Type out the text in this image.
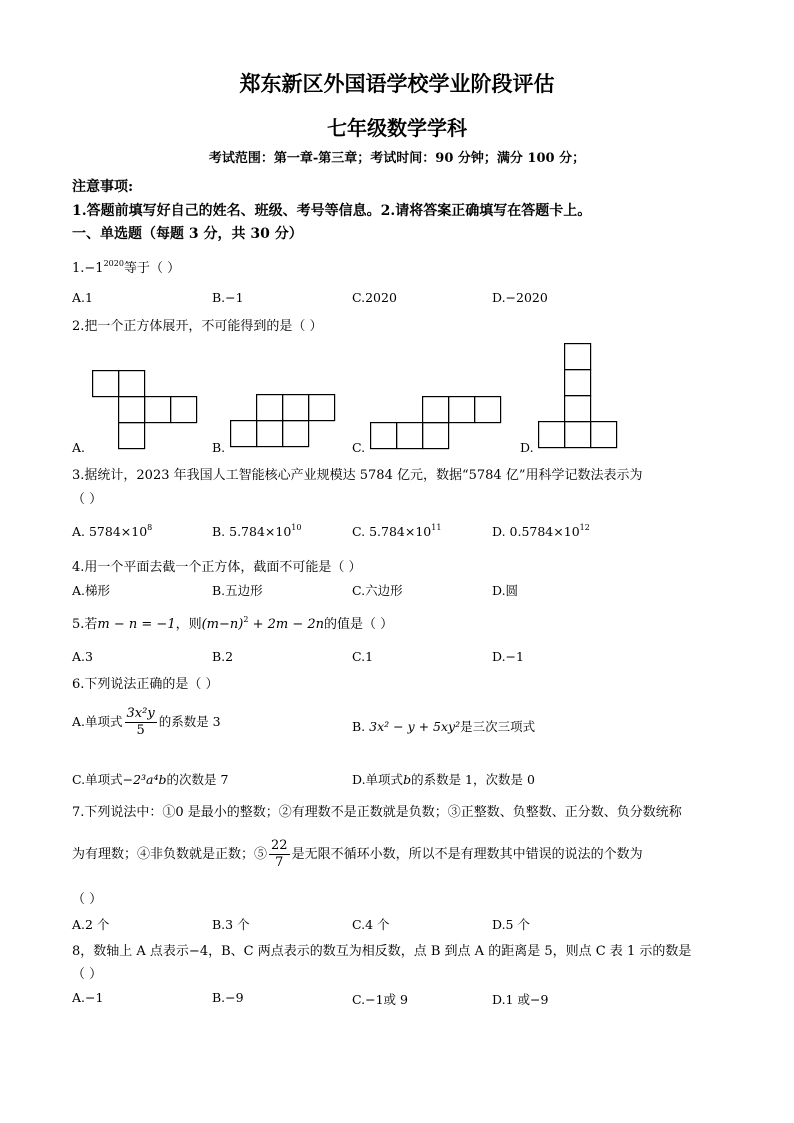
郑东新区外国语学校学业阶段评估
七年级数学学科
考试范围：第一章-第三章；考试时间：90 分钟；满分 100 分；
注意事项:
1.答题前填写好自己的姓名、班级、考号等信息。2.请将答案正确填写在答题卡上。
一、单选题（每题 3 分，共 30 分）
$1.-1^{2020}$等于（ ）
A.1	B.−1	C.2020	D.−2020
2.把一个正方体展开，不可能得到的是（ ）
A.	B.	C.	D.
3.据统计，2023 年我国人工智能核心产业规模达 5784 亿元，数据“5784 亿”用科学记数法表示为
（ ）
A. $5784\times 10^8$	B. $5.784\times 10^{10}$	C. $5.784\times 10^{11}$	D. $0.5784\times 10^{12}$
4.用一个平面去截一个正方体，截面不可能是（ ）
A.梯形	B.五边形	C.六边形	D.圆
5.若m − n = −1，则$(m-n)^2 + 2m - 2n$的值是（ ）
A.3	B.2	C.1	D.−1
6.下列说法正确的是（ ）
A.单项式 $\frac{\text{3x²y}}{5}$ 的系数是 3	B. 3x² − y + 5xy²是三次三项式
C.单项式−2³a⁴b的次数是 7	D.单项式b的系数是 1，次数是 0
7.下列说法中：①0 是最小的整数；②有理数不是正数就是负数；③正整数、负整数、正分数、负分数统称
为有理数；④非负数就是正数；⑤ $\frac{22}{7}$ 是无限不循环小数，所以不是有理数其中错误的说法的个数为
（ ）
A.2 个	B.3 个	C.4 个	D.5 个
8，数轴上 A 点表示−4，B、C 两点表示的数互为相反数，点 B 到点 A 的距离是 5，则点 C 表 1 示的数是
（ ）
A.−1	B.−9	C.−1或 9	D.1 或−9
